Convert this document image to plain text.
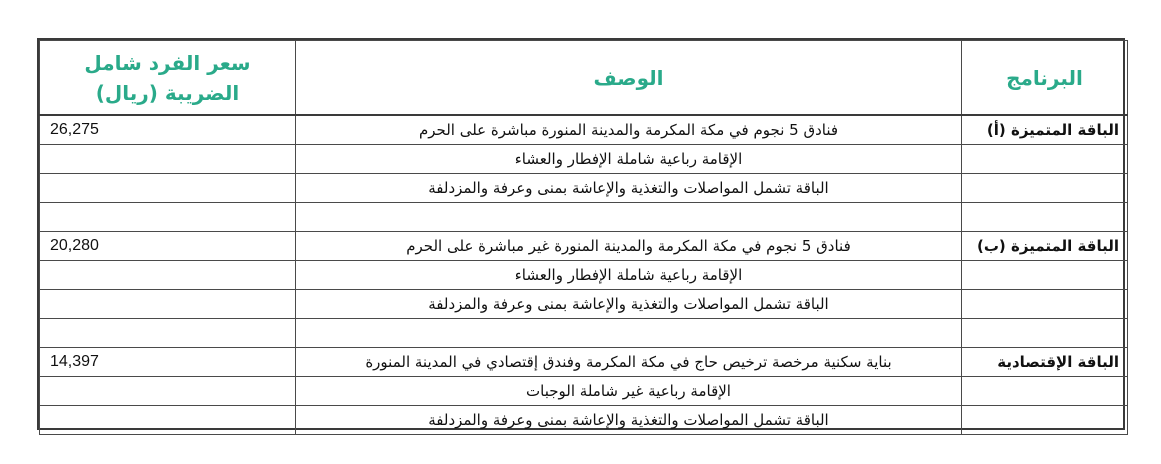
البرنامج	الوصف	سعر الفرد شامل الضريبة (ريال)
الباقة المتميزة (أ)	فنادق 5 نجوم في مكة المكرمة والمدينة المنورة مباشرة على الحرم	26,275
	الإقامة رباعية شاملة الإفطار والعشاء	
	الباقة تشمل المواصلات والتغذية والإعاشة بمنى وعرفة والمزدلفة	

الباقة المتميزة (ب)	فنادق 5 نجوم في مكة المكرمة والمدينة المنورة غير مباشرة على الحرم	20,280
	الإقامة رباعية شاملة الإفطار والعشاء	
	الباقة تشمل المواصلات والتغذية والإعاشة بمنى وعرفة والمزدلفة	

الباقة الإقتصادية	بناية سكنية مرخصة ترخيص حاج في مكة المكرمة وفندق إقتصادي في المدينة المنورة	14,397
	الإقامة رباعية غير شاملة الوجبات	
	الباقة تشمل المواصلات والتغذية والإعاشة بمنى وعرفة والمزدلفة	
